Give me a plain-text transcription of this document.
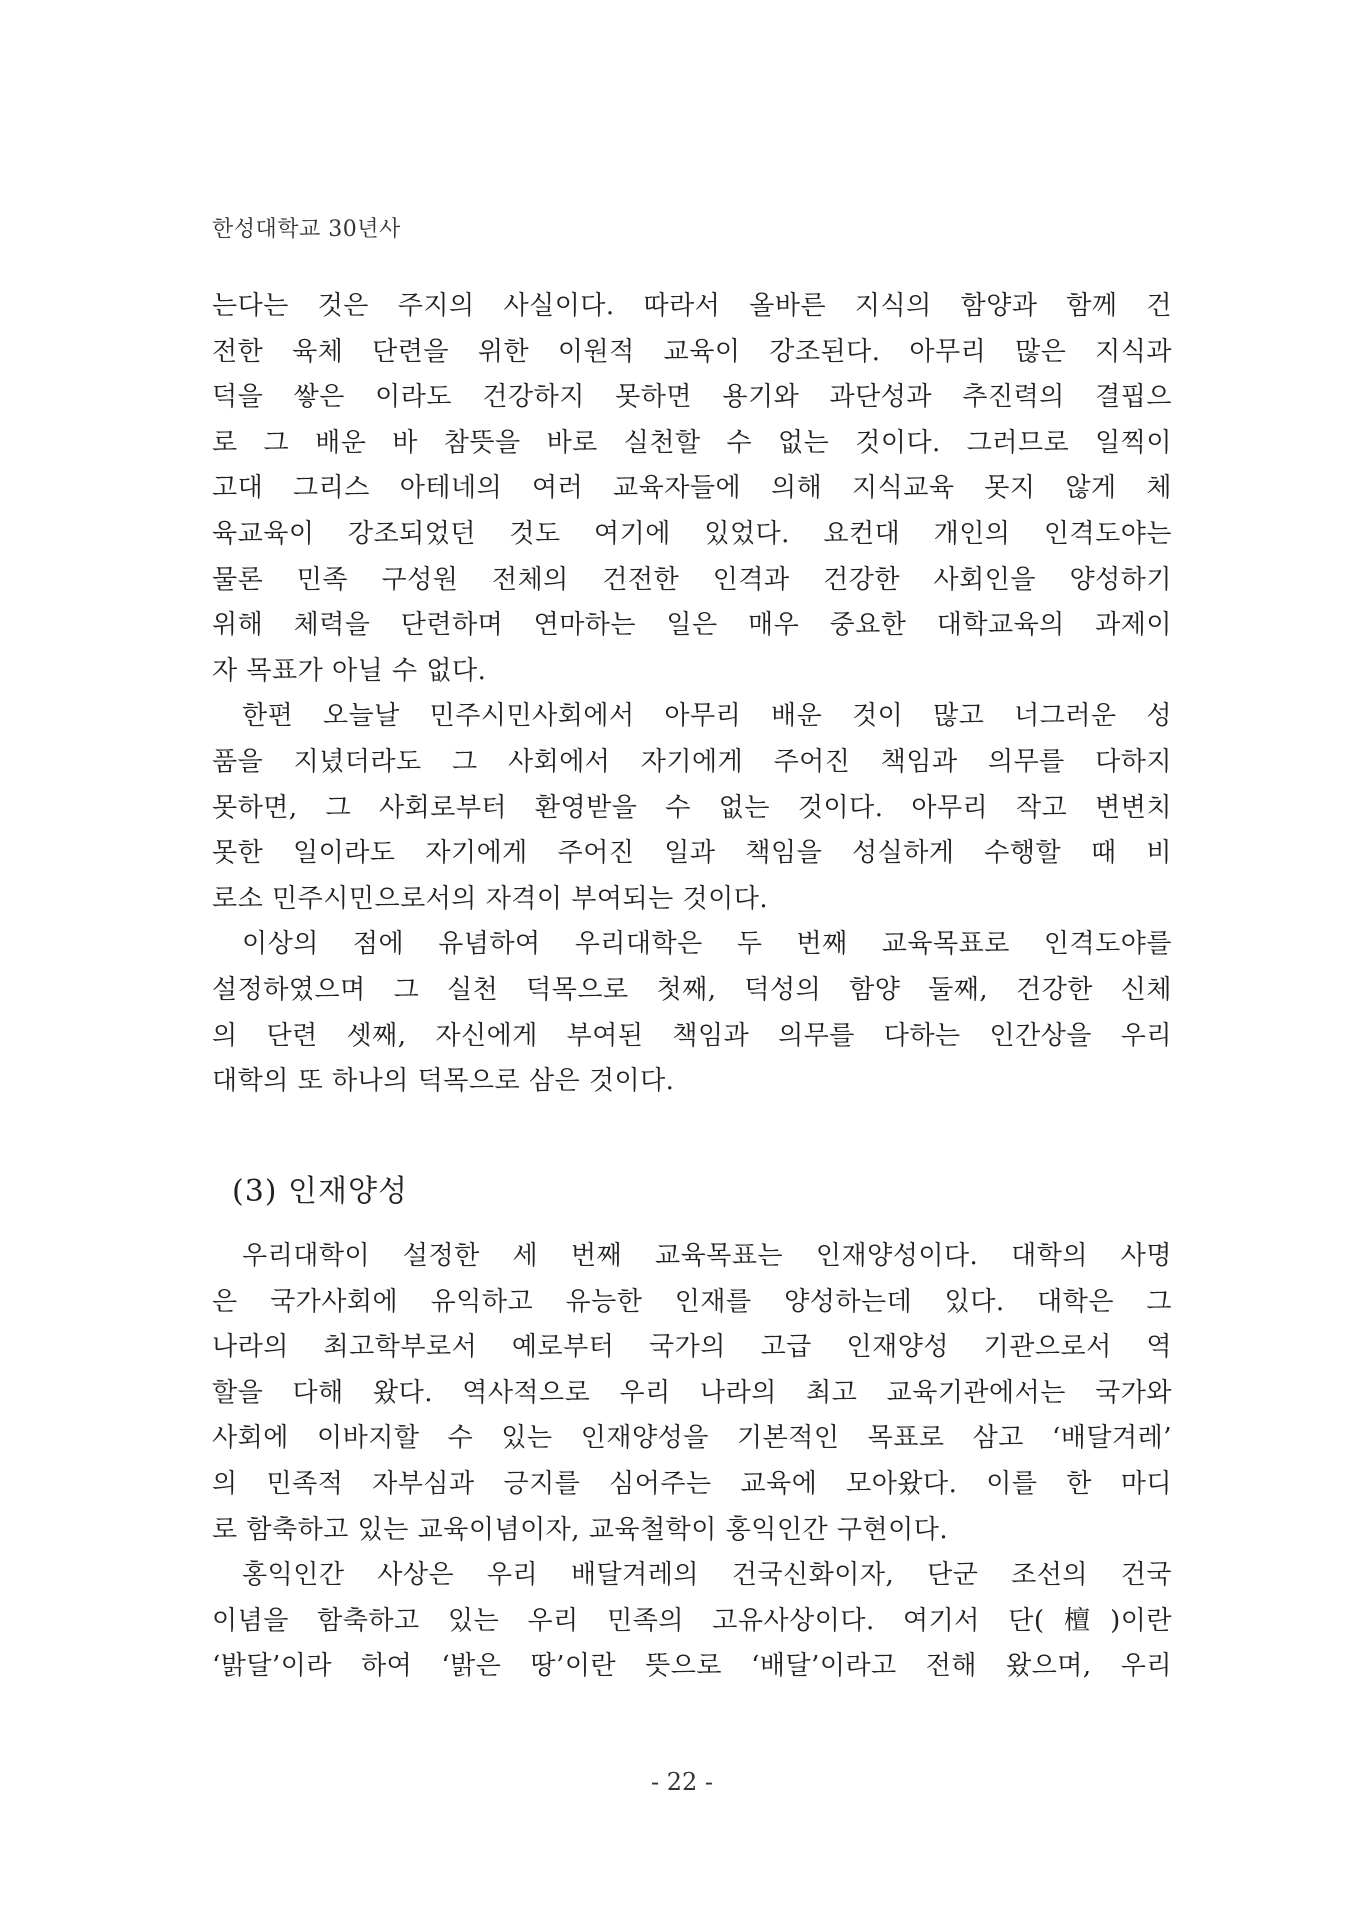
한성대학교 30년사
는다는 것은 주지의 사실이다. 따라서 올바른 지식의 함양과 함께 건
전한 육체 단련을 위한 이원적 교육이 강조된다. 아무리 많은 지식과
덕을 쌓은 이라도 건강하지 못하면 용기와 과단성과 추진력의 결핍으
로 그 배운 바 참뜻을 바로 실천할 수 없는 것이다. 그러므로 일찍이
고대 그리스 아테네의 여러 교육자들에 의해 지식교육 못지 않게 체
육교육이 강조되었던 것도 여기에 있었다. 요컨대 개인의 인격도야는
물론 민족 구성원 전체의 건전한 인격과 건강한 사회인을 양성하기
위해 체력을 단련하며 연마하는 일은 매우 중요한 대학교육의 과제이
자 목표가 아닐 수 없다.
한편 오늘날 민주시민사회에서 아무리 배운 것이 많고 너그러운 성
품을 지녔더라도 그 사회에서 자기에게 주어진 책임과 의무를 다하지
못하면, 그 사회로부터 환영받을 수 없는 것이다. 아무리 작고 변변치
못한 일이라도 자기에게 주어진 일과 책임을 성실하게 수행할 때 비
로소 민주시민으로서의 자격이 부여되는 것이다.
이상의 점에 유념하여 우리대학은 두 번째 교육목표로 인격도야를
설정하였으며 그 실천 덕목으로 첫째, 덕성의 함양 둘째, 건강한 신체
의 단련 셋째, 자신에게 부여된 책임과 의무를 다하는 인간상을 우리
대학의 또 하나의 덕목으로 삼은 것이다.
(3) 인재양성
우리대학이 설정한 세 번째 교육목표는 인재양성이다. 대학의 사명
은 국가사회에 유익하고 유능한 인재를 양성하는데 있다. 대학은 그
나라의 최고학부로서 예로부터 국가의 고급 인재양성 기관으로서 역
할을 다해 왔다. 역사적으로 우리 나라의 최고 교육기관에서는 국가와
사회에 이바지할 수 있는 인재양성을 기본적인 목표로 삼고 ‘배달겨레’
의 민족적 자부심과 긍지를 심어주는 교육에 모아왔다. 이를 한 마디
로 함축하고 있는 교육이념이자, 교육철학이 홍익인간 구현이다.
홍익인간 사상은 우리 배달겨레의 건국신화이자, 단군 조선의 건국
이념을 함축하고 있는 우리 민족의 고유사상이다. 여기서 단(檀)이란
‘밝달’이라 하여 ‘밝은 땅’이란 뜻으로 ‘배달’이라고 전해 왔으며, 우리
- 22 -
